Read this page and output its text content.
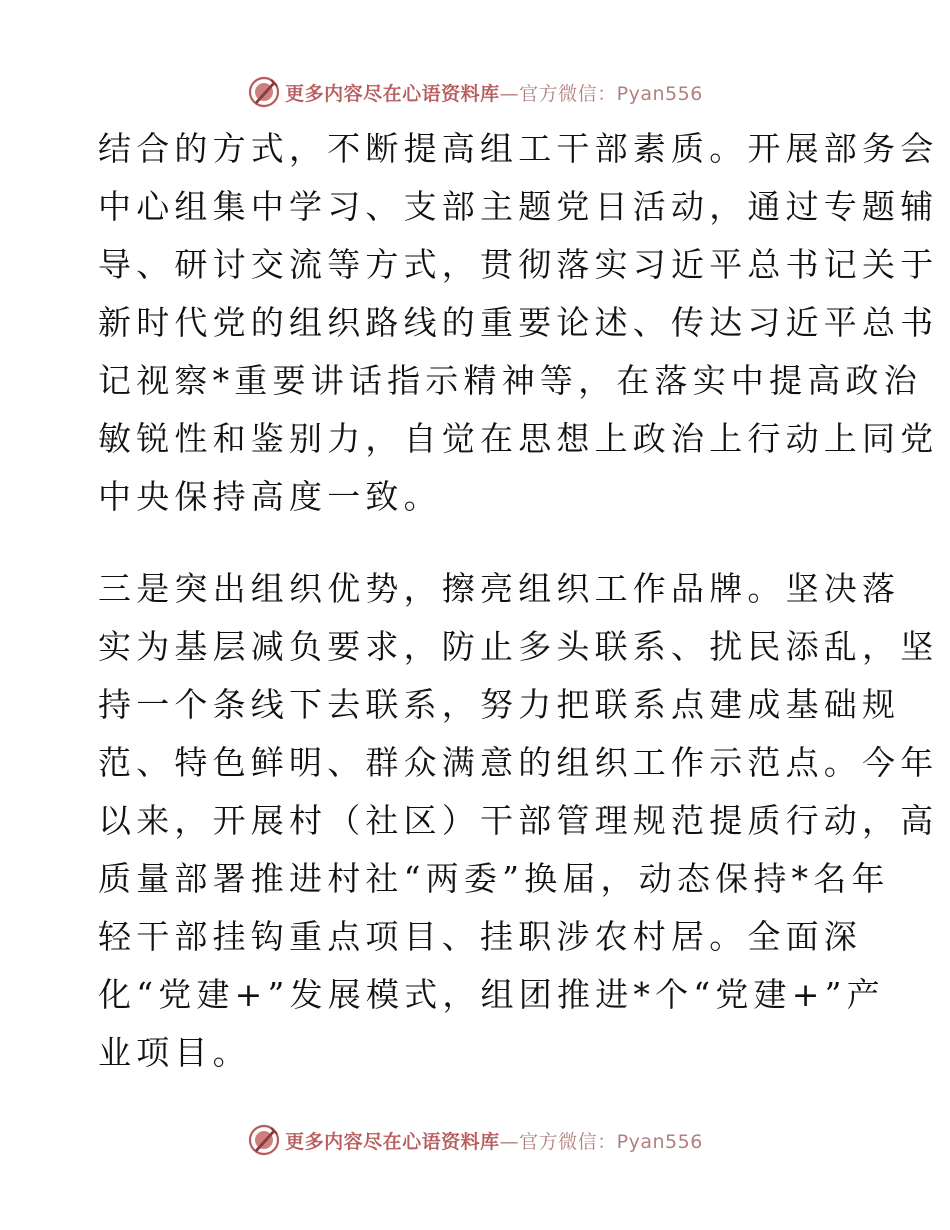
更多内容尽在心语资料库—官方微信：Pyan556
结合的方式，不断提高组工干部素质。开展部务会
中心组集中学习、支部主题党日活动，通过专题辅
导、研讨交流等方式，贯彻落实习近平总书记关于
新时代党的组织路线的重要论述、传达习近平总书
记视察*重要讲话指示精神等，在落实中提高政治
敏锐性和鉴别力，自觉在思想上政治上行动上同党
中央保持高度一致。
三是突出组织优势，擦亮组织工作品牌。坚决落
实为基层减负要求，防止多头联系、扰民添乱，坚
持一个条线下去联系，努力把联系点建成基础规
范、特色鲜明、群众满意的组织工作示范点。今年
以来，开展村（社区）干部管理规范提质行动，高
质量部署推进村社“两委”换届，动态保持*名年
轻干部挂钩重点项目、挂职涉农村居。全面深
化“党建+”发展模式，组团推进*个“党建+”产
业项目。
更多内容尽在心语资料库—官方微信：Pyan556
